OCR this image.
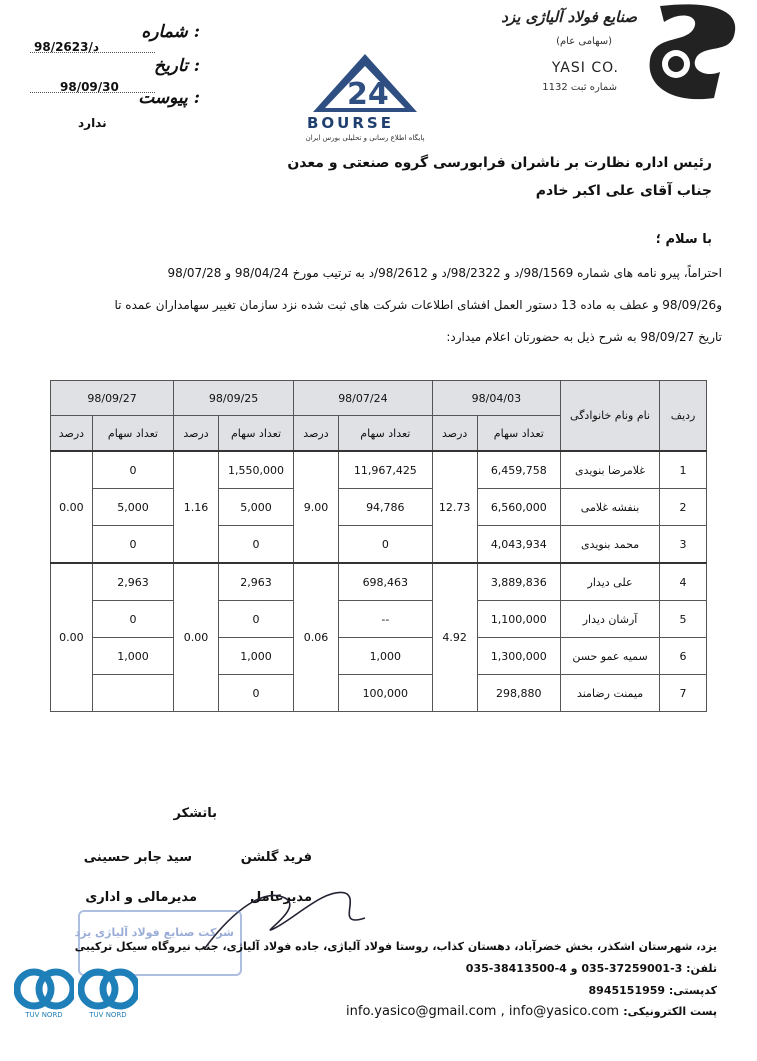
شماره :
د/98/2623
تاریخ :
98/09/30
پیوست :
ندارد
24
BOURSE
پایگاه اطلاع رسانی و تحلیلی بورس ایران
صنایع فولاد آلیاژی یزد
(سهامی عام)
YASI CO.
شماره ثبت 1132
رئیس اداره نظارت بر ناشران فرابورسی گروه صنعتی و معدن
جناب آقای علی اکبر خادم
با سلام ؛
احتراماً، پیرو نامه های شماره 98/1569/د و 98/2322/د و 98/2612/د به ترتیب مورخ 98/04/24 و 98/07/28
و98/09/26 و عطف به ماده 13 دستور العمل افشای اطلاعات شرکت های ثبت شده نزد سازمان تغییر سهامداران عمده تا
تاریخ 98/09/27 به شرح ذیل به حضورتان اعلام میدارد:
ردیف	نام ونام خانوادگی	98/04/03		98/07/24		98/09/25		98/09/27	
		تعداد سهام	درصد	تعداد سهام	درصد	تعداد سهام	درصد	تعداد سهام	درصد
1	غلامرضا بنویدی	6,459,758	12.73	11,967,425	9.00	1,550,000	1.16	0	0.00
2	بنفشه غلامی	6,560,000		94,786		5,000		5,000	
3	محمد بنویدی	4,043,934		0		0		0	
4	علی دیدار	3,889,836	4.92	698,463	0.06	2,963	0.00	2,963	0.00
5	آرشان دیدار	1,100,000		--		0		0	
6	سمیه عمو حسن	1,300,000		1,000		1,000		1,000	
7	میمنت رضامند	298,880		100,000		0			
باتشکر
فرید گلشن
مدیرعامل
سید جابر حسینی
مدیرمالی و اداری
شرکت صنایع فولاد آلیاژی یزد
یزد، شهرستان اشکذر، بخش خضرآباد، دهستان کذاب، روستا فولاد آلیاژی، جاده فولاد آلیاژی، جنب نیروگاه سیکل ترکیبی
تلفن: 3-37259001-035 و 4-38413500-035
کدپستی: 8945151959
پست الکترونیکی: info.yasico@gmail.com , info@yasico.com
TUV NORD	TUV NORD
